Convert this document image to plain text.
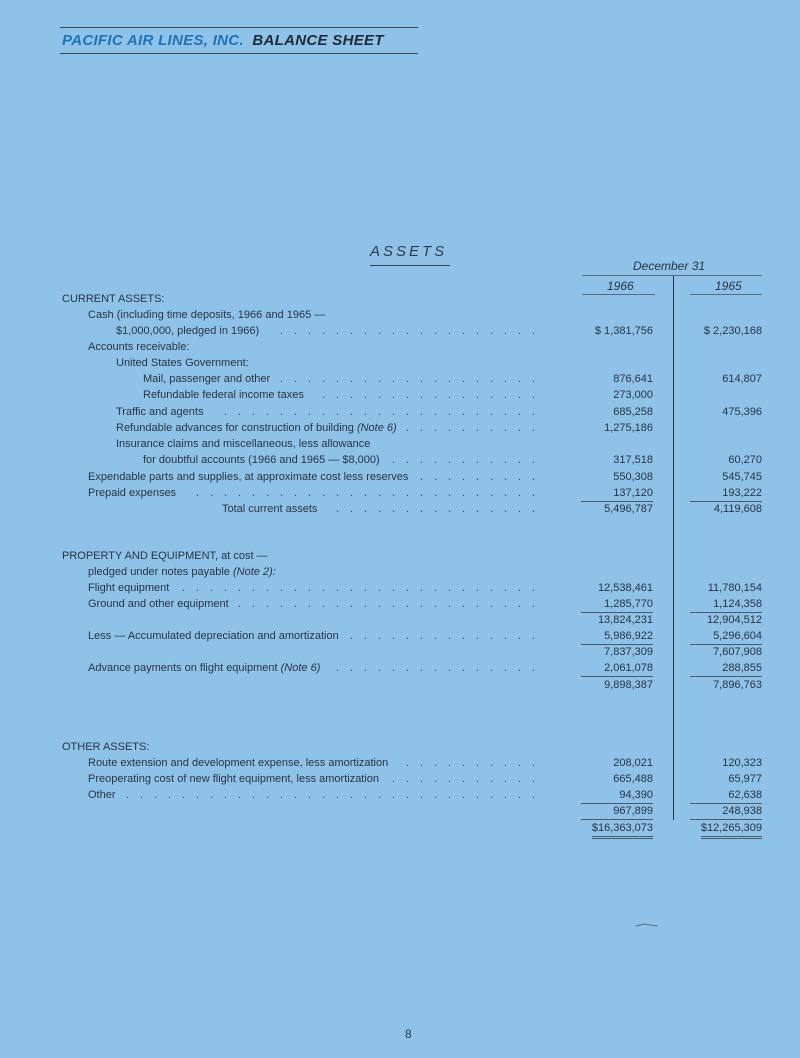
PACIFIC AIR LINES, INC. BALANCE SHEET
ASSETS
December 31
1966	1965
CURRENT ASSETS:
Cash (including time deposits, 1966 and 1965 —
$1,000,000, pledged in 1966) . . . . . . . . . . . . . . . . . . .	$ 1,381,756	$ 2,230,168
Accounts receivable:
United States Government:
Mail, passenger and other . . . . . . . . . . . . . . . . . . .	876,641	614,807
Refundable federal income taxes . . . . . . . . . . . . . . . .	273,000
Traffic and agents . . . . . . . . . . . . . . . . . . . . . . .	685,258	475,396
Refundable advances for construction of building (Note 6) . . . . . . . . . .	1,275,186
Insurance claims and miscellaneous, less allowance
for doubtful accounts (1966 and 1965 — $8,000) . . . . . . . . . . .	317,518	60,270
Expendable parts and supplies, at approximate cost less reserves . . . . . . . . .	550,308	545,745
Prepaid expenses . . . . . . . . . . . . . . . . . . . . . . . . .	137,120	193,222
Total current assets . . . . . . . . . . . . . . .	5,496,787	4,119,608
PROPERTY AND EQUIPMENT, at cost —
pledged under notes payable (Note 2):
Flight equipment . . . . . . . . . . . . . . . . . . . . . . . . . .	12,538,461	11,780,154
Ground and other equipment . . . . . . . . . . . . . . . . . . . . . .	1,285,770	1,124,358
13,824,231	12,904,512
Less — Accumulated depreciation and amortization . . . . . . . . . . . . . .	5,986,922	5,296,604
7,837,309	7,607,908
Advance payments on flight equipment (Note 6) . . . . . . . . . . . . . . .	2,061,078	288,855
9,898,387	7,896,763
OTHER ASSETS:
Route extension and development expense, less amortization . . . . . . . . . .	208,021	120,323
Preoperating cost of new flight equipment, less amortization . . . . . . . . . . .	665,488	65,977
Other . . . . . . . . . . . . . . . . . . . . . . . . . . . . . .	94,390	62,638
967,899	248,938
$16,363,073	$12,265,309
8
